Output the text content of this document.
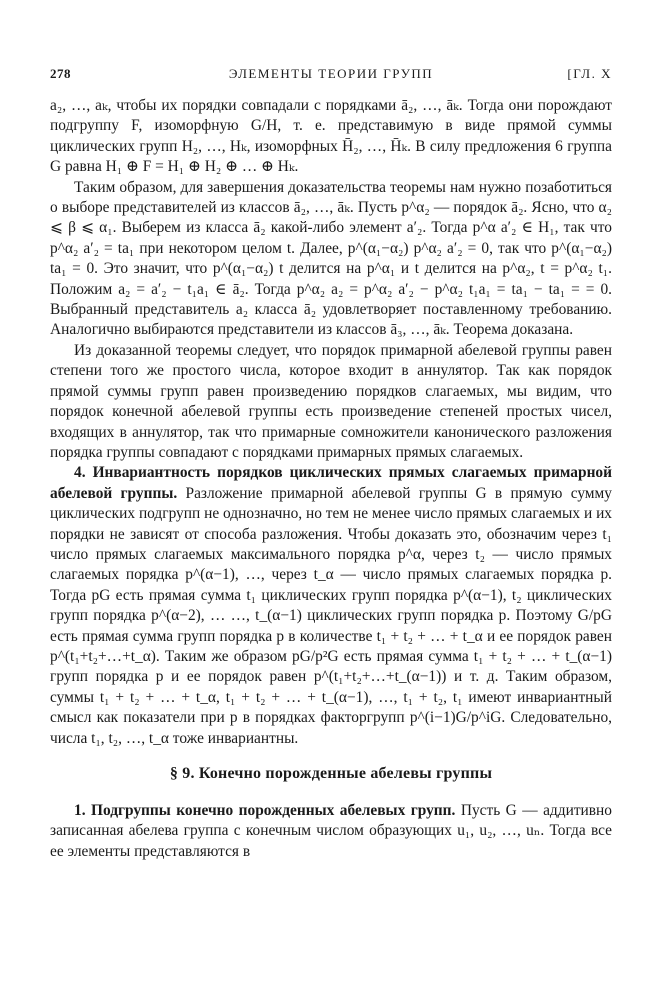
278	ЭЛЕМЕНТЫ ТЕОРИИ ГРУПП	[ГЛ. X

a₂, …, aₖ, чтобы их порядки совпадали с порядками ā₂, …, āₖ. Тогда они порождают подгруппу F, изоморфную G/H, т. е. представимую в виде прямой суммы циклических групп H₂, …, Hₖ, изоморфных H̄₂, …, H̄ₖ. В силу предложения 6 группа G равна H₁ ⊕ F = H₁ ⊕ H₂ ⊕ … ⊕ Hₖ.

Таким образом, для завершения доказательства теоремы нам нужно позаботиться о выборе представителей из классов ā₂, …, āₖ. Пусть p^α₂ — порядок ā₂. Ясно, что α₂ ⩽ β ⩽ α₁. Выберем из класса ā₂ какой-либо элемент a′₂. Тогда p^α a′₂ ∈ H₁, так что p^α₂ a′₂ = ta₁ при некотором целом t. Далее, p^(α₁−α₂) p^α₂ a′₂ = 0, так что p^(α₁−α₂) ta₁ = 0. Это значит, что p^(α₁−α₂) t делится на p^α₁ и t делится на p^α₂, t = p^α₂ t₁. Положим a₂ = a′₂ − t₁a₁ ∈ ā₂. Тогда p^α₂ a₂ = p^α₂ a′₂ − p^α₂ t₁a₁ = ta₁ − ta₁ = = 0. Выбранный представитель a₂ класса ā₂ удовлетворяет поставленному требованию. Аналогично выбираются представители из классов ā₃, …, āₖ. Теорема доказана.

Из доказанной теоремы следует, что порядок примарной абелевой группы равен степени того же простого числа, которое входит в аннулятор. Так как порядок прямой суммы групп равен произведению порядков слагаемых, мы видим, что порядок конечной абелевой группы есть произведение степеней простых чисел, входящих в аннулятор, так что примарные сомножители канонического разложения порядка группы совпадают с порядками примарных прямых слагаемых.

4. Инвариантность порядков циклических прямых слагаемых примарной абелевой группы. Разложение примарной абелевой группы G в прямую сумму циклических подгрупп не однозначно, но тем не менее число прямых слагаемых и их порядки не зависят от способа разложения. Чтобы доказать это, обозначим через t₁ число прямых слагаемых максимального порядка p^α, через t₂ — число прямых слагаемых порядка p^(α−1), …, через t_α — число прямых слагаемых порядка p. Тогда pG есть прямая сумма t₁ циклических групп порядка p^(α−1), t₂ циклических групп порядка p^(α−2), … …, t_(α−1) циклических групп порядка p. Поэтому G/pG есть прямая сумма групп порядка p в количестве t₁ + t₂ + … + t_α и ее порядок равен p^(t₁+t₂+…+t_α). Таким же образом pG/p²G есть прямая сумма t₁ + t₂ + … + t_(α−1) групп порядка p и ее порядок равен p^(t₁+t₂+…+t_(α−1)) и т. д. Таким образом, суммы t₁ + t₂ + … + t_α, t₁ + t₂ + … + t_(α−1), …, t₁ + t₂, t₁ имеют инвариантный смысл как показатели при p в порядках факторгрупп p^(i−1)G/p^iG. Следовательно, числа t₁, t₂, …, t_α тоже инвариантны.

§ 9. Конечно порожденные абелевы группы

1. Подгруппы конечно порожденных абелевых групп. Пусть G — аддитивно записанная абелева группа с конечным числом образующих u₁, u₂, …, uₙ. Тогда все ее элементы представляются в
